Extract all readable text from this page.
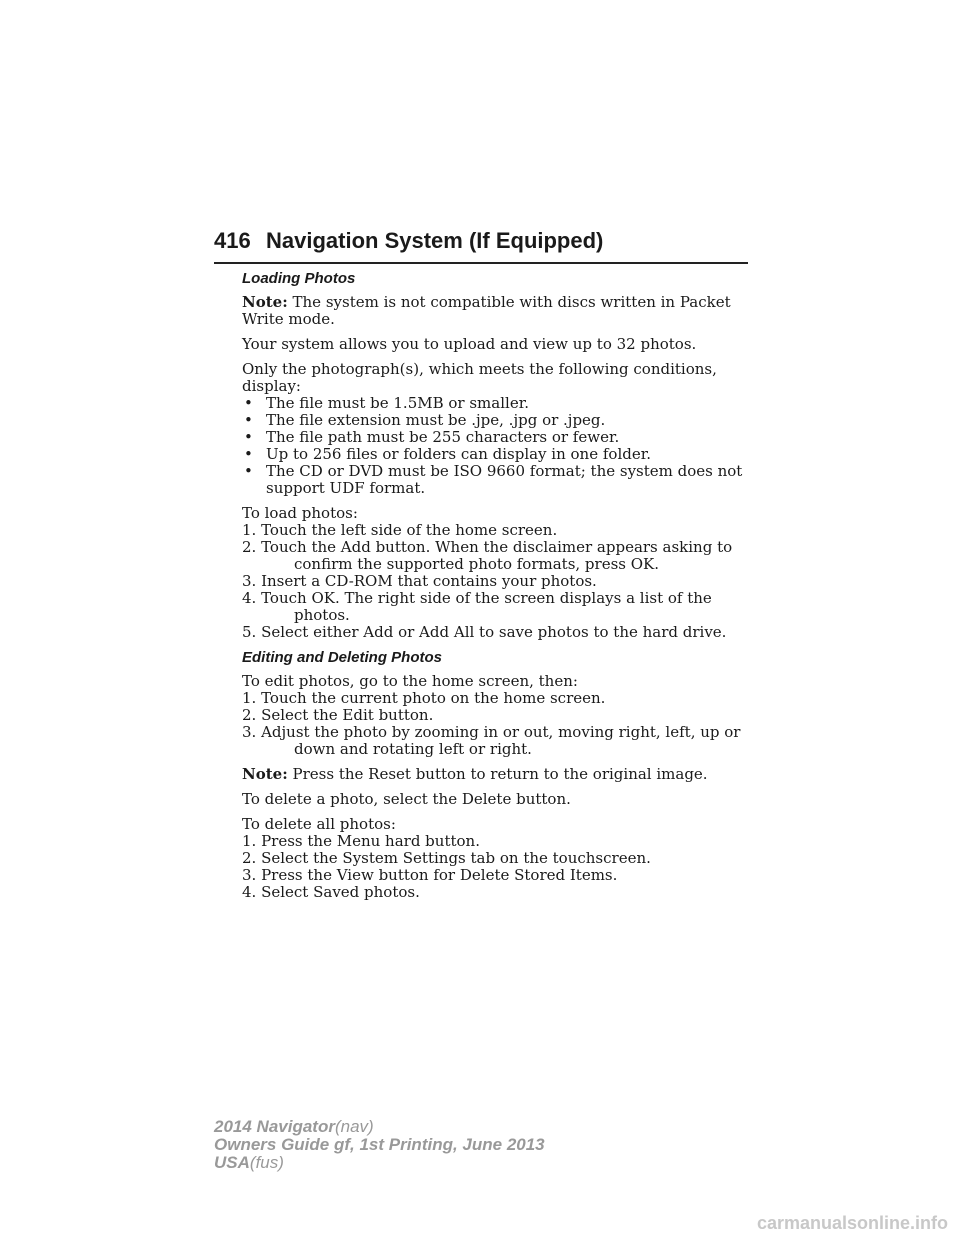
416 Navigation System (If Equipped)
Loading Photos

Note: The system is not compatible with discs written in Packet Write mode.

Your system allows you to upload and view up to 32 photos.

Only the photograph(s), which meets the following conditions, display:

• The file must be 1.5MB or smaller.
• The file extension must be .jpe, .jpg or .jpeg.
• The file path must be 255 characters or fewer.
• Up to 256 files or folders can display in one folder.
• The CD or DVD must be ISO 9660 format; the system does not support UDF format.

To load photos:

1. Touch the left side of the home screen.
2. Touch the Add button. When the disclaimer appears asking to confirm the supported photo formats, press OK.
3. Insert a CD-ROM that contains your photos.
4. Touch OK. The right side of the screen displays a list of the photos.
5. Select either Add or Add All to save photos to the hard drive.
Editing and Deleting Photos

To edit photos, go to the home screen, then:

1. Touch the current photo on the home screen.
2. Select the Edit button.
3. Adjust the photo by zooming in or out, moving right, left, up or down and rotating left or right.

Note: Press the Reset button to return to the original image.

To delete a photo, select the Delete button.

To delete all photos:

1. Press the Menu hard button.
2. Select the System Settings tab on the touchscreen.
3. Press the View button for Delete Stored Items.
4. Select Saved photos.
2014 Navigator(nav)
Owners Guide gf, 1st Printing, June 2013
USA(fus)
carmanualsonline.info
